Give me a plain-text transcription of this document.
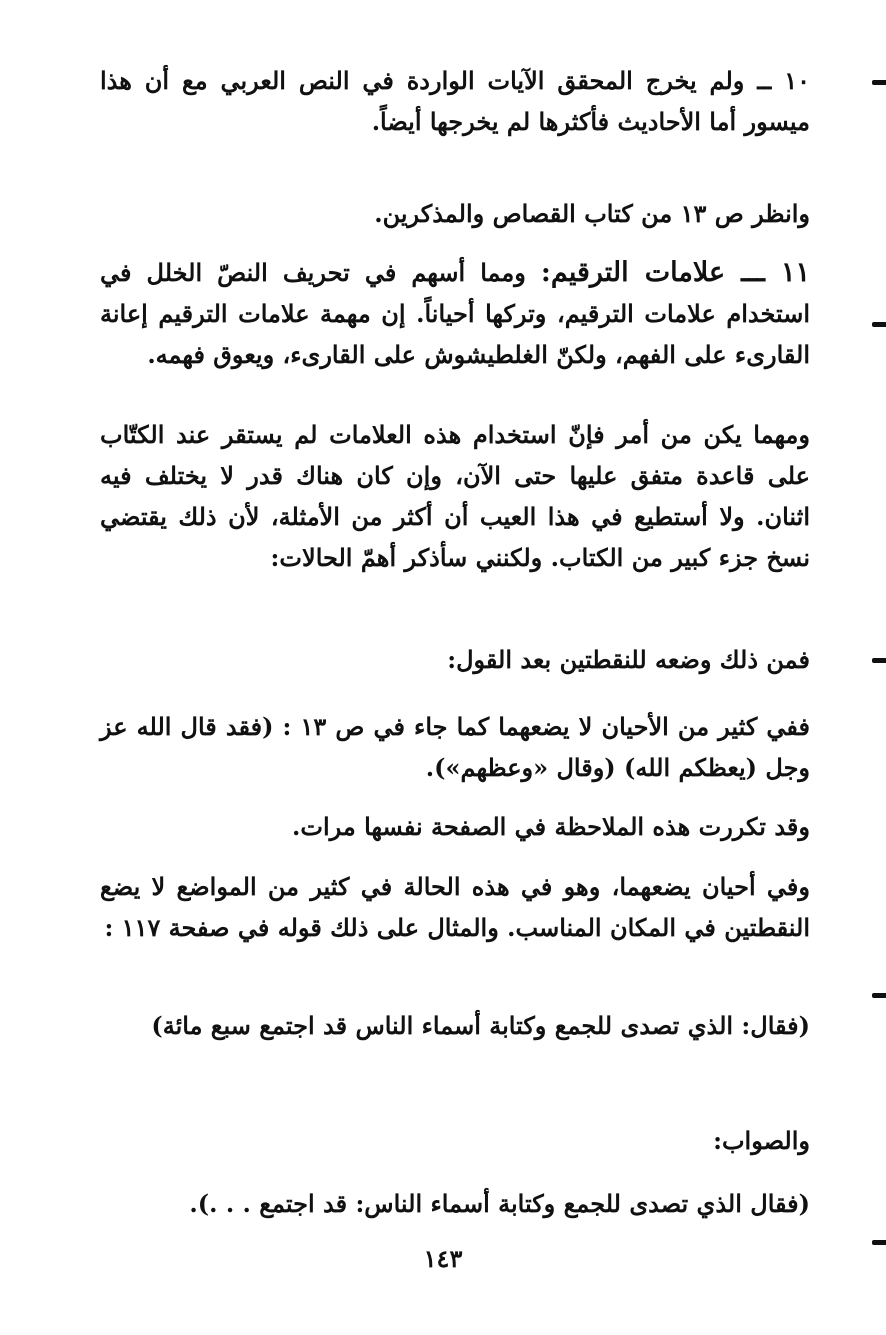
١٠ ــ ولم يخرج المحقق الآيات الواردة في النص العربي مع أن هذا ميسور أما الأحاديث فأكثرها لم يخرجها أيضاً.
وانظر ص ١٣ من كتاب القصاص والمذكرين.
١١ ـــ علامات الترقيم: ومما أسهم في تحريف النصّ الخلل في استخدام علامات الترقيم، وتركها أحياناً. إن مهمة علامات الترقيم إعانة القارىء على الفهم، ولكنّ الغلطيشوش على القارىء، ويعوق فهمه.
ومهما يكن من أمر فإنّ استخدام هذه العلامات لم يستقر عند الكتّاب على قاعدة متفق عليها حتى الآن، وإن كان هناك قدر لا يختلف فيه اثنان. ولا أستطيع في هذا العيب أن أكثر من الأمثلة، لأن ذلك يقتضي نسخ جزء كبير من الكتاب. ولكنني سأذكر أهمّ الحالات:
فمن ذلك وضعه للنقطتين بعد القول:
ففي كثير من الأحيان لا يضعهما كما جاء في ص ١٣ : (فقد قال الله عز وجل (يعظكم الله) (وقال «وعظهم»).
وقد تكررت هذه الملاحظة في الصفحة نفسها مرات.
وفي أحيان يضعهما، وهو في هذه الحالة في كثير من المواضع لا يضع النقطتين في المكان المناسب. والمثال على ذلك قوله في صفحة ١١٧ :
(فقال: الذي تصدى للجمع وكتابة أسماء الناس قد اجتمع سبع مائة)
والصواب:
(فقال الذي تصدى للجمع وكتابة أسماء الناس: قد اجتمع . . .).
١٤٣
